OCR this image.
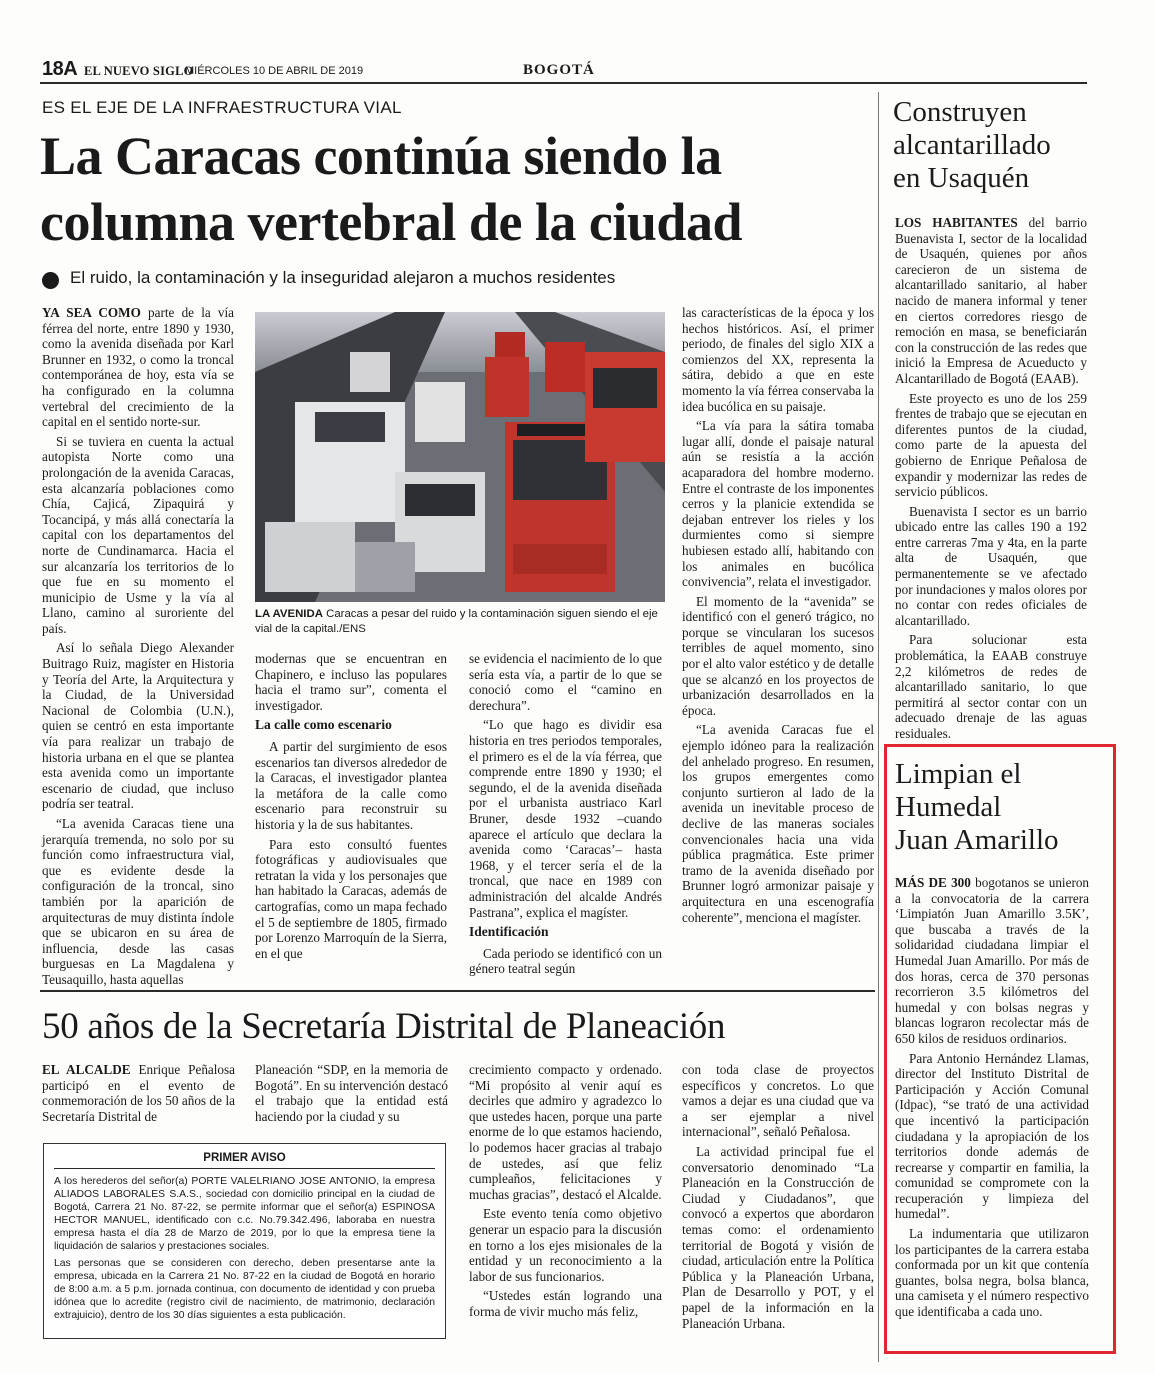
18A EL NUEVO SIGLO
MIÉRCOLES 10 DE ABRIL DE 2019	BOGOTÁ
ES EL EJE DE LA INFRAESTRUCTURA VIAL
La Caracas continúa siendo la
columna vertebral de la ciudad
El ruido, la contaminación y la inseguridad alejaron a muchos residentes

YA SEA COMO parte de la vía férrea del norte, entre 1890 y 1930, como la avenida diseñada por Karl Brunner en 1932, o como la troncal contemporánea de hoy, esta vía se ha configurado en la columna vertebral del crecimiento de la capital en el sentido norte-sur.

Si se tuviera en cuenta la actual autopista Norte como una prolongación de la avenida Caracas, esta alcanzaría poblaciones como Chía, Cajicá, Zipaquirá y Tocancipá, y más allá conectaría la capital con los departamentos del norte de Cundinamarca. Hacia el sur alcanzaría los territorios de lo que fue en su momento el municipio de Usme y la vía al Llano, camino al suroriente del país.

Así lo señala Diego Alexander Buitrago Ruiz, magíster en Historia y Teoría del Arte, la Arquitectura y la Ciudad, de la Universidad Nacional de Colombia (U.N.), quien se centró en esta importante vía para realizar un trabajo de historia urbana en el que se plantea esta avenida como un importante escenario de ciudad, que incluso podría ser teatral.

“La avenida Caracas tiene una jerarquía tremenda, no solo por su función como infraestructura vial, que es evidente desde la configuración de la troncal, sino también por la aparición de arquitecturas de muy distinta índole que se ubicaron en su área de influencia, desde las casas burguesas en La Magdalena y Teusaquillo, hasta aquellas

LA AVENIDA Caracas a pesar del ruido y la contaminación siguen siendo el eje vial de la capital./ENS

modernas que se encuentran en Chapinero, e incluso las populares hacia el tramo sur”, comenta el investigador.

La calle como escenario

A partir del surgimiento de esos escenarios tan diversos alrededor de la Caracas, el investigador plantea la metáfora de la calle como escenario para reconstruir su historia y la de sus habitantes.

Para esto consultó fuentes fotográficas y audiovisuales que retratan la vida y los personajes que han habitado la Caracas, además de cartografías, como un mapa fechado el 5 de septiembre de 1805, firmado por Lorenzo Marroquín de la Sierra, en el que

se evidencia el nacimiento de lo que sería esta vía, a partir de lo que se conoció como el “camino en derechura”.

“Lo que hago es dividir esa historia en tres periodos temporales, el primero es el de la vía férrea, que comprende entre 1890 y 1930; el segundo, el de la avenida diseñada por el urbanista austriaco Karl Bruner, desde 1932 –cuando aparece el artículo que declara la avenida como ‘Caracas’– hasta 1968, y el tercer sería el de la troncal, que nace en 1989 con administración del alcalde Andrés Pastrana”, explica el magíster.

Identificación

Cada periodo se identificó con un género teatral según

las características de la época y los hechos históricos. Así, el primer periodo, de finales del siglo XIX a comienzos del XX, representa la sátira, debido a que en este momento la vía férrea conservaba la idea bucólica en su paisaje.

“La vía para la sátira tomaba lugar allí, donde el paisaje natural aún se resistía a la acción acaparadora del hombre moderno. Entre el contraste de los imponentes cerros y la planicie extendida se dejaban entrever los rieles y los durmientes como si siempre hubiesen estado allí, habitando con los animales en bucólica convivencia”, relata el investigador.

El momento de la “avenida” se identificó con el generó trágico, no porque se vincularan los sucesos terribles de aquel momento, sino por el alto valor estético y de detalle que se alcanzó en los proyectos de urbanización desarrollados en la época.

“La avenida Caracas fue el ejemplo idóneo para la realización del anhelado progreso. En resumen, los grupos emergentes como conjunto surtieron al lado de la avenida un inevitable proceso de declive de las maneras sociales convencionales hacia una vida pública pragmática. Este primer tramo de la avenida diseñado por Brunner logró armonizar paisaje y arquitectura en una escenografía coherente”, menciona el magíster.

50 años de la Secretaría Distrital de Planeación

EL ALCALDE Enrique Peñalosa participó en el evento de conmemoración de los 50 años de la Secretaría Distrital de

Planeación “SDP, en la memoria de Bogotá”. En su intervención destacó el trabajo que la entidad está haciendo por la ciudad y su

crecimiento compacto y ordenado. “Mi propósito al venir aquí es decirles que admiro y agradezco lo que ustedes hacen, porque una parte enorme de lo que estamos haciendo, lo podemos hacer gracias al trabajo de ustedes, así que feliz cumpleaños, felicitaciones y muchas gracias”, destacó el Alcalde.

Este evento tenía como objetivo generar un espacio para la discusión en torno a los ejes misionales de la entidad y un reconocimiento a la labor de sus funcionarios.

“Ustedes están logrando una forma de vivir mucho más feliz,

con toda clase de proyectos específicos y concretos. Lo que vamos a dejar es una ciudad que va a ser ejemplar a nivel internacional”, señaló Peñalosa.

La actividad principal fue el conversatorio denominado “La Planeación en la Construcción de Ciudad y Ciudadanos”, que convocó a expertos que abordaron temas como: el ordenamiento territorial de Bogotá y visión de ciudad, articulación entre la Política Pública y la Planeación Urbana, Plan de Desarrollo y POT, y el papel de la información en la Planeación Urbana.

PRIMER AVISO

A los herederos del señor(a) PORTE VALELRIANO JOSE ANTONIO, la empresa ALIADOS LABORALES S.A.S., sociedad con domicilio principal en la ciudad de Bogotá, Carrera 21 No. 87-22, se permite informar que el señor(a) ESPINOSA HECTOR MANUEL, identificado con c.c. No.79.342.496, laboraba en nuestra empresa hasta el día 28 de Marzo de 2019, por lo que la empresa tiene la liquidación de salarios y prestaciones sociales.

Las personas que se consideren con derecho, deben presentarse ante la empresa, ubicada en la Carrera 21 No. 87-22 en la ciudad de Bogotá en horario de 8:00 a.m. a 5 p.m. jornada continua, con documento de identidad y con prueba idónea que lo acredite (registro civil de nacimiento, de matrimonio, declaración extrajuicio), dentro de los 30 días siguientes a esta publicación.

Construyen
alcantarillado
en Usaquén

LOS HABITANTES del barrio Buenavista I, sector de la localidad de Usaquén, quienes por años carecieron de un sistema de alcantarillado sanitario, al haber nacido de manera informal y tener en ciertos corredores riesgo de remoción en masa, se beneficiarán con la construcción de las redes que inició la Empresa de Acueducto y Alcantarillado de Bogotá (EAAB).

Este proyecto es uno de los 259 frentes de trabajo que se ejecutan en diferentes puntos de la ciudad, como parte de la apuesta del gobierno de Enrique Peñalosa de expandir y modernizar las redes de servicio públicos.

Buenavista I sector es un barrio ubicado entre las calles 190 a 192 entre carreras 7ma y 4ta, en la parte alta de Usaquén, que permanentemente se ve afectado por inundaciones y malos olores por no contar con redes oficiales de alcantarillado.

Para solucionar esta problemática, la EAAB construye 2,2 kilómetros de redes de alcantarillado sanitario, lo que permitirá al sector contar con un adecuado drenaje de las aguas residuales.

Limpian el
Humedal
Juan Amarillo

MÁS DE 300 bogotanos se unieron a la convocatoria de la carrera ‘Limpiatón Juan Amarillo 3.5K’, que buscaba a través de la solidaridad ciudadana limpiar el Humedal Juan Amarillo. Por más de dos horas, cerca de 370 personas recorrieron 3.5 kilómetros del humedal y con bolsas negras y blancas lograron recolectar más de 650 kilos de residuos ordinarios.

Para Antonio Hernández Llamas, director del Instituto Distrital de Participación y Acción Comunal (Idpac), “se trató de una actividad que incentivó la participación ciudadana y la apropiación de los territorios donde además de recrearse y compartir en familia, la comunidad se compromete con la recuperación y limpieza del humedal”.

La indumentaria que utilizaron los participantes de la carrera estaba conformada por un kit que contenía guantes, bolsa negra, bolsa blanca, una camiseta y el número respectivo que identificaba a cada uno.
